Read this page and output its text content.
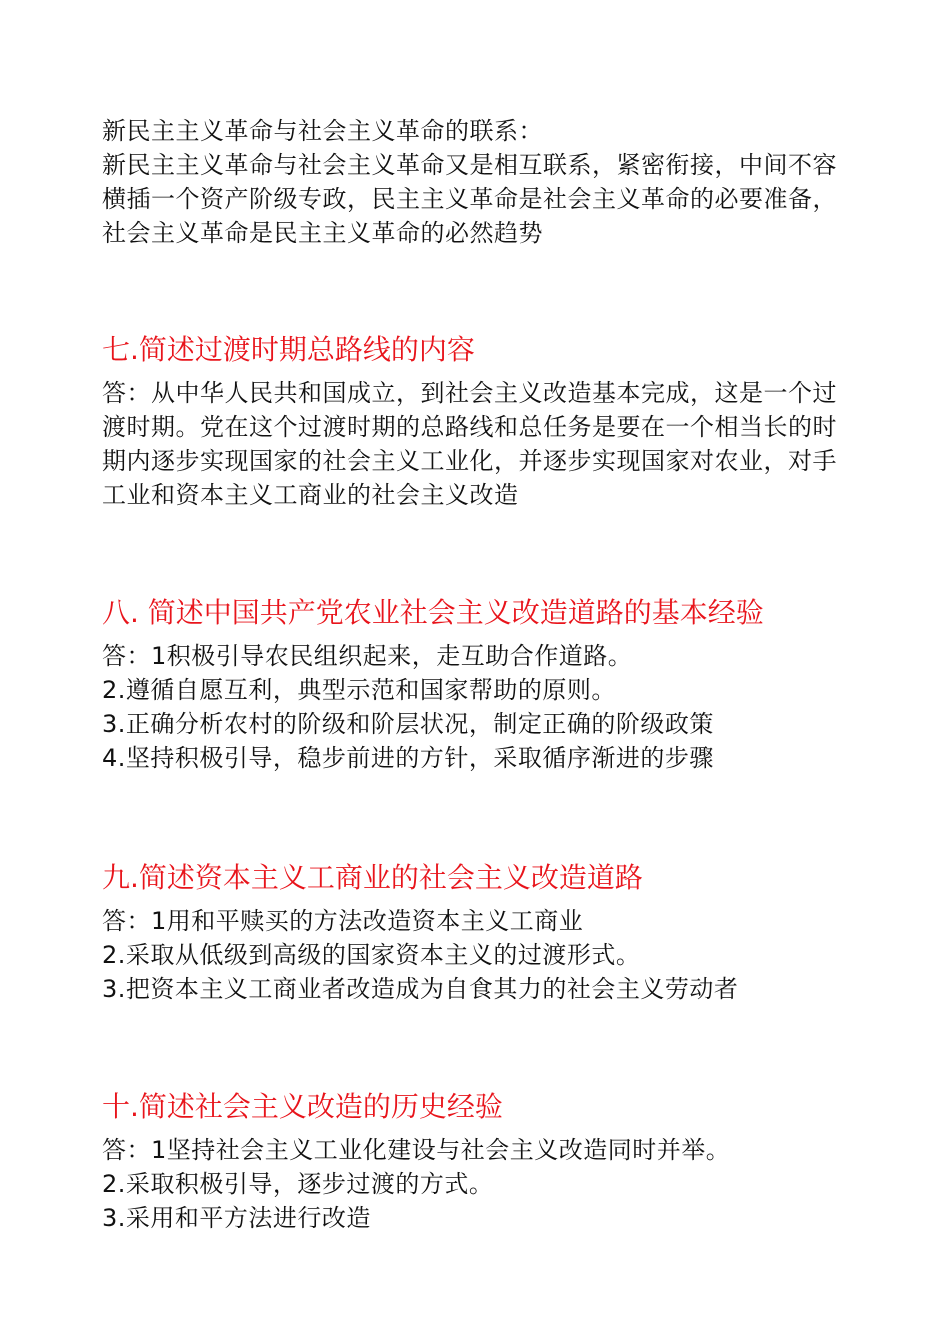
新民主主义革命与社会主义革命的联系：
新民主主义革命与社会主义革命又是相互联系，紧密衔接，中间不容
横插一个资产阶级专政，民主主义革命是社会主义革命的必要准备，
社会主义革命是民主主义革命的必然趋势
七.简述过渡时期总路线的内容
答：从中华人民共和国成立，到社会主义改造基本完成，这是一个过
渡时期。党在这个过渡时期的总路线和总任务是要在一个相当长的时
期内逐步实现国家的社会主义工业化，并逐步实现国家对农业，对手
工业和资本主义工商业的社会主义改造
八. 简述中国共产党农业社会主义改造道路的基本经验
答：1积极引导农民组织起来，走互助合作道路。
2.遵循自愿互利，典型示范和国家帮助的原则。
3.正确分析农村的阶级和阶层状况，制定正确的阶级政策
4.坚持积极引导，稳步前进的方针，采取循序渐进的步骤
九.简述资本主义工商业的社会主义改造道路
答：1用和平赎买的方法改造资本主义工商业
2.采取从低级到高级的国家资本主义的过渡形式。
3.把资本主义工商业者改造成为自食其力的社会主义劳动者
十.简述社会主义改造的历史经验
答：1坚持社会主义工业化建设与社会主义改造同时并举。
2.采取积极引导，逐步过渡的方式。
3.采用和平方法进行改造
